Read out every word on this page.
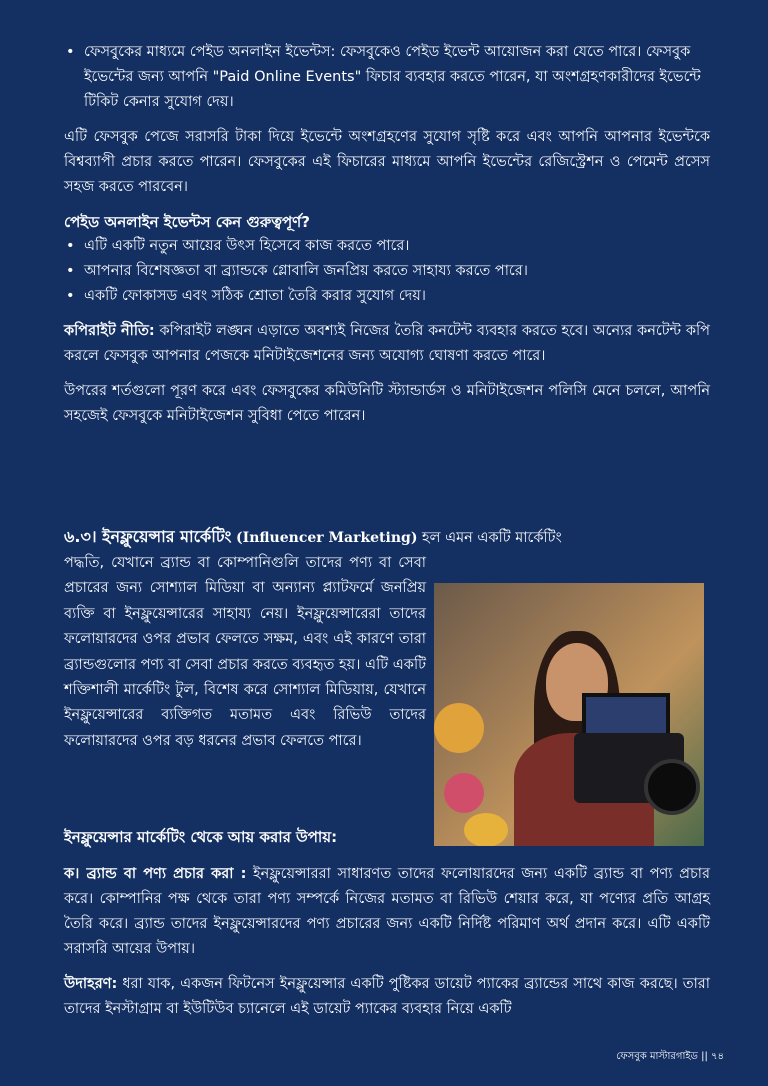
• ফেসবুকের মাধ্যমে পেইড অনলাইন ইভেন্টস: ফেসবুকেও পেইড ইভেন্ট আয়োজন করা যেতে পারে। ফেসবুক ইভেন্টের জন্য আপনি "Paid Online Events" ফিচার ব্যবহার করতে পারেন, যা অংশগ্রহণকারীদের ইভেন্টে টিকিট কেনার সুযোগ দেয়।

এটি ফেসবুক পেজে সরাসরি টাকা দিয়ে ইভেন্টে অংশগ্রহণের সুযোগ সৃষ্টি করে এবং আপনি আপনার ইভেন্টকে বিশ্বব্যাপী প্রচার করতে পারেন। ফেসবুকের এই ফিচারের মাধ্যমে আপনি ইভেন্টের রেজিস্ট্রেশন ও পেমেন্ট প্রসেস সহজ করতে পারবেন।

পেইড অনলাইন ইভেন্টস কেন গুরুত্বপূর্ণ?

• এটি একটি নতুন আয়ের উৎস হিসেবে কাজ করতে পারে।
• আপনার বিশেষজ্ঞতা বা ব্র্যান্ডকে গ্লোবালি জনপ্রিয় করতে সাহায্য করতে পারে।
• একটি ফোকাসড এবং সঠিক শ্রোতা তৈরি করার সুযোগ দেয়।

কপিরাইট নীতি: কপিরাইট লঙ্ঘন এড়াতে অবশ্যই নিজের তৈরি কনটেন্ট ব্যবহার করতে হবে। অন্যের কনটেন্ট কপি করলে ফেসবুক আপনার পেজকে মনিটাইজেশনের জন্য অযোগ্য ঘোষণা করতে পারে।

উপরের শর্তগুলো পূরণ করে এবং ফেসবুকের কমিউনিটি স্ট্যান্ডার্ডস ও মনিটাইজেশন পলিসি মেনে চললে, আপনি সহজেই ফেসবুকে মনিটাইজেশন সুবিধা পেতে পারেন।

৬.৩। ইনফ্লুয়েন্সার মার্কেটিং (Influencer Marketing) হল এমন একটি মার্কেটিং
পদ্ধতি, যেখানে ব্র্যান্ড বা কোম্পানিগুলি তাদের পণ্য বা সেবা প্রচারের জন্য সোশ্যাল মিডিয়া বা অন্যান্য প্ল্যাটফর্মে জনপ্রিয় ব্যক্তি বা ইনফ্লুয়েন্সারের সাহায্য নেয়। ইনফ্লুয়েন্সারেরা তাদের ফলোয়ারদের ওপর প্রভাব ফেলতে সক্ষম, এবং এই কারণে তারা ব্র্যান্ডগুলোর পণ্য বা সেবা প্রচার করতে ব্যবহৃত হয়। এটি একটি শক্তিশালী মার্কেটিং টুল, বিশেষ করে সোশ্যাল মিডিয়ায়, যেখানে ইনফ্লুয়েন্সারের ব্যক্তিগত মতামত এবং রিভিউ তাদের ফলোয়ারদের ওপর বড় ধরনের প্রভাব ফেলতে পারে।
ইনফ্লুয়েন্সার মার্কেটিং থেকে আয় করার উপায়:

ক। ব্র্যান্ড বা পণ্য প্রচার করা : ইনফ্লুয়েন্সাররা সাধারণত তাদের ফলোয়ারদের জন্য একটি ব্র্যান্ড বা পণ্য প্রচার করে। কোম্পানির পক্ষ থেকে তারা পণ্য সম্পর্কে নিজের মতামত বা রিভিউ শেয়ার করে, যা পণ্যের প্রতি আগ্রহ তৈরি করে। ব্র্যান্ড তাদের ইনফ্লুয়েন্সারদের পণ্য প্রচারের জন্য একটি নির্দিষ্ট পরিমাণ অর্থ প্রদান করে। এটি একটি সরাসরি আয়ের উপায়।

উদাহরণ: ধরা যাক, একজন ফিটনেস ইনফ্লুয়েন্সার একটি পুষ্টিকর ডায়েট প্যাকের ব্র্যান্ডের সাথে কাজ করছে। তারা তাদের ইনস্টাগ্রাম বা ইউটিউব চ্যানেলে এই ডায়েট প্যাকের ব্যবহার নিয়ে একটি

ফেসবুক মাস্টারগাইড || ৭৪
